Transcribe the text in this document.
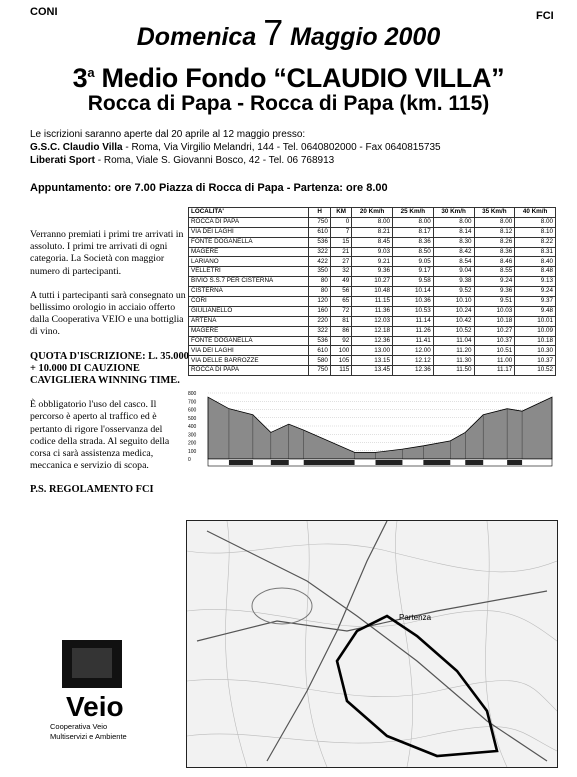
CONI	FCI
Domenica 7 Maggio 2000
3$^a$ Medio Fondo “CLAUDIO VILLA”
Rocca di Papa - Rocca di Papa (km. 115)
Le iscrizioni saranno aperte dal 20 aprile al 12 maggio presso:
G.S.C. Claudio Villa - Roma, Via Virgilio Melandri, 144 - Tel. 0640802000 - Fax 0640815735
Liberati Sport - Roma, Viale S. Giovanni Bosco, 42 - Tel. 06 768913
Appuntamento: ore 7.00 Piazza di Rocca di Papa - Partenza: ore 8.00
LOCALITA'	H	KM	20 Km/h	25 Km/h	30 Km/h	35 Km/h	40 Km/h
ROCCA DI PAPA	750	0	8.00	8.00	8.00	8.00	8.00
VIA DEI LAGHI	610	7	8.21	8.17	8.14	8.12	8.10
FONTE DOGANELLA	536	15	8.45	8.36	8.30	8.26	8.22
MAGERE	322	21	9.03	8.50	8.42	8.36	8.31
LARIANO	422	27	9.21	9.05	8.54	8.46	8.40
VELLETRI	350	32	9.36	9.17	9.04	8.55	8.48
BIVIO S.S.7 PER CISTERNA	80	49	10.27	9.58	9.38	9.24	9.13
CISTERNA	80	56	10.48	10.14	9.52	9.36	9.24
CORI	120	65	11.15	10.36	10.10	9.51	9.37
GIULIANELLO	160	72	11.36	10.53	10.24	10.03	9.48
ARTENA	220	81	12.03	11.14	10.42	10.18	10.01
MAGERE	322	86	12.18	11.26	10.52	10.27	10.09
FONTE DOGANELLA	536	92	12.36	11.41	11.04	10.37	10.18
VIA DEI LAGHI	610	100	13.00	12.00	11.20	10.51	10.30
VIA DELLE BARROZZE	580	105	13.15	12.12	11.30	11.00	10.37
ROCCA DI PAPA	750	115	13.45	12.36	11.50	11.17	10.52

Verranno premiati i primi tre arrivati in assoluto. I primi tre arrivati di ogni categoria. La Società con maggior numero di partecipanti.

A tutti i partecipanti sarà consegnato un bellissimo orologio in acciaio offerto dalla Cooperativa VEIO e una bottiglia di vino.

QUOTA D'ISCRIZIONE: L. 35.000 + 10.000 DI CAUZIONE CAVIGLIERA WINNING TIME.

È obbligatorio l'uso del casco. Il percorso è aperto al traffico ed è pertanto di rigore l'osservanza del codice della strada. Al seguito della corsa ci sarà assistenza medica, meccanica e servizio di scopa.

P.S. REGOLAMENTO FCI

800
700
600
500
400
300
200
100
0
Partenza
Veio
Cooperativa Veio
Multiservizi e Ambiente
